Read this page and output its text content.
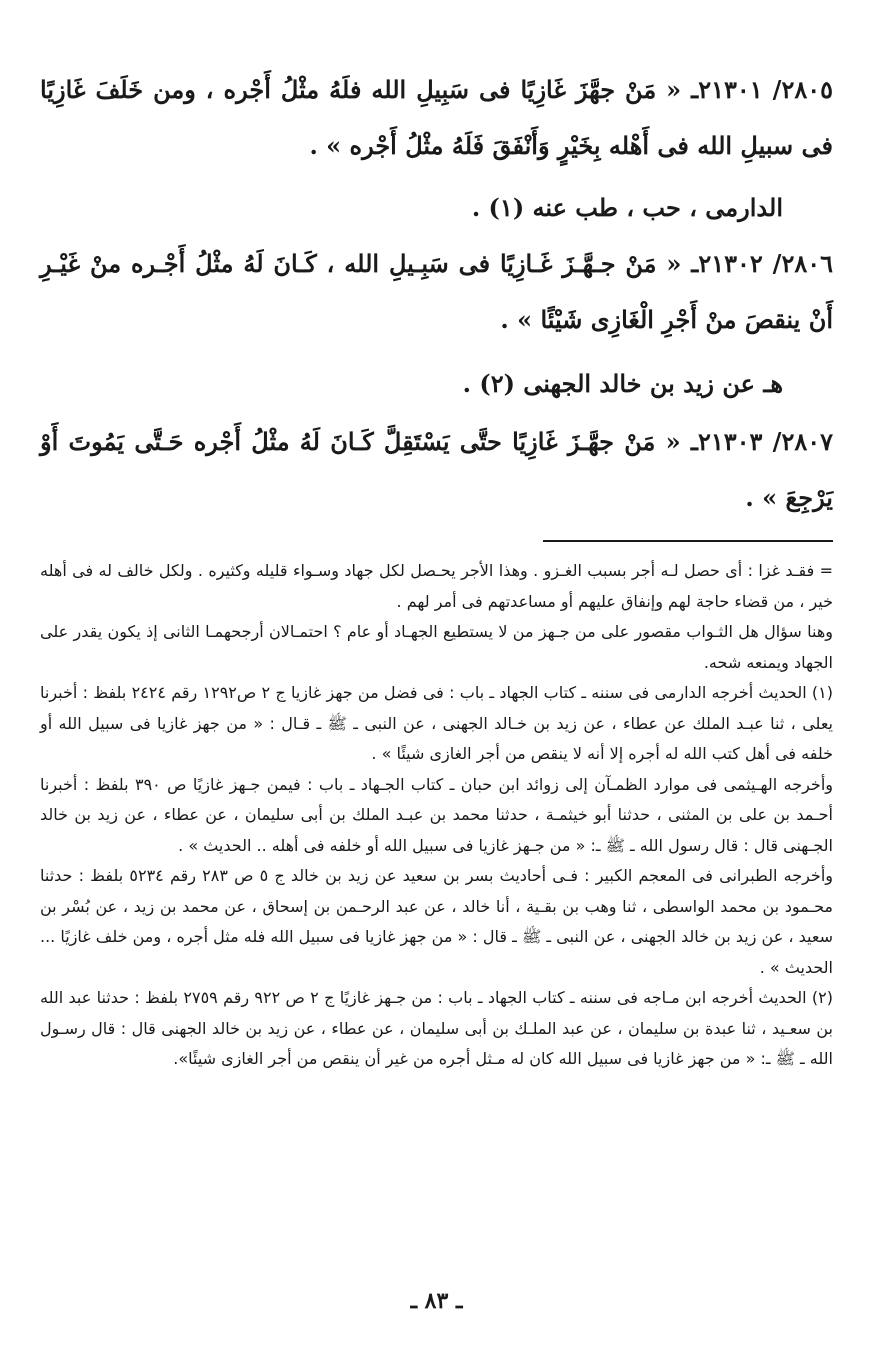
٢٨٠٥/ ٢١٣٠١ـ « مَنْ جهَّزَ غَازِيًا فى سَبِيلِ الله فلَهُ مثْلُ أَجْره ، ومن خَلَفَ غَازِيًا فى سبيلِ الله فى أَهْله بِخَيْرٍ وَأَنْفَقَ فَلَهُ مثْلُ أَجْره » .

الدارمى ، حب ، طب عنه (١) .

٢٨٠٦/ ٢١٣٠٢ـ « مَنْ جـهَّـزَ غَـازِيًا فى سَبِـيلِ الله ، كَـانَ لَهُ مثْلُ أَجْـره منْ غَيْـرِ أَنْ ينقصَ منْ أَجْرِ الْغَازِى شَيْئًا » .

هـ عن زيد بن خالد الجهنى (٢) .

٢٨٠٧/ ٢١٣٠٣ـ « مَنْ جهَّـزَ غَازِيًا حتَّى يَسْتَقِلَّ كَـانَ لَهُ مثْلُ أَجْره حَـتَّى يَمُوتَ أَوْ يَرْجِعَ » .

= فقـد غزا : أى حصل لـه أجر بسبب الغـزو . وهذا الأجر يحـصل لكل جهاد وسـواء قليله وكثيره . ولكل خالف له فى أهله خير ، من قضاء حاجة لهم وإنفاق عليهم أو مساعدتهم فى أمر لهم .

وهنا سؤال هل الثـواب مقصور على من جـهز من لا يستطيع الجهـاد أو عام ؟ احتمـالان أرجحهمـا الثانى إذ يكون يقدر على الجهاد ويمنعه شحه.

(١) الحديث أخرجه الدارمى فى سننه ـ كتاب الجهاد ـ باب : فى فضل من جهز غازيا ج ٢ ص١٢٩٢ رقم ٢٤٢٤ بلفظ : أخبرنا يعلى ، ثنا عبـد الملك عن عطاء ، عن زيد بن خـالد الجهنى ، عن النبى ـ ﷺ ـ قـال : « من جهز غازيا فى سبيل الله أو خلفه فى أهل كتب الله له أجره إلا أنه لا ينقص من أجر الغازى شيئًا » .

وأخرجه الهـيثمى فى موارد الظمـآن إلى زوائد ابن حبان ـ كتاب الجـهاد ـ باب : فيمن جـهز غازيًا ص ٣٩٠ بلفظ : أخبرنا أحـمد بن على بن المثنى ، حدثنا أبو خيثمـة ، حدثنا محمد بن عبـد الملك بن أبى سليمان ، عن عطاء ، عن زيد بن خالد الجـهنى قال : قال رسول الله ـ ﷺ ـ: « من جـهز غازيا فى سبيل الله أو خلفه فى أهله .. الحديث » .

وأخرجه الطبرانى فى المعجم الكبير : فـى أحاديث بسر بن سعيد عن زيد بن خالد ج ٥ ص ٢٨٣ رقم ٥٢٣٤ بلفظ : حدثنا محـمود بن محمد الواسطى ، ثنا وهب بن بقـية ، أنا خالد ، عن عبد الرحـمن بن إسحاق ، عن محمد بن زيد ، عن بُسْر بن سعيد ، عن زيد بن خالد الجهنى ، عن النبى ـ ﷺ ـ قال : « من جهز غازيا فى سبيل الله فله مثل أجره ، ومن خلف غازيًا ... الحديث » .

(٢) الحديث أخرجه ابن مـاجه فى سننه ـ كتاب الجهاد ـ باب : من جـهز غازيًا ج ٢ ص ٩٢٢ رقم ٢٧٥٩ بلفظ : حدثنا عبد الله بن سعـيد ، ثنا عبدة بن سليمان ، عن عبد الملـك بن أبى سليمان ، عن عطاء ، عن زيد بن خالد الجهنى قال : قال رسـول الله ـ ﷺ ـ: « من جهز غازيا فى سبيل الله كان له مـثل أجره من غير أن ينقص من أجر الغازى شيئًا».

ـ ٨٣ ـ
